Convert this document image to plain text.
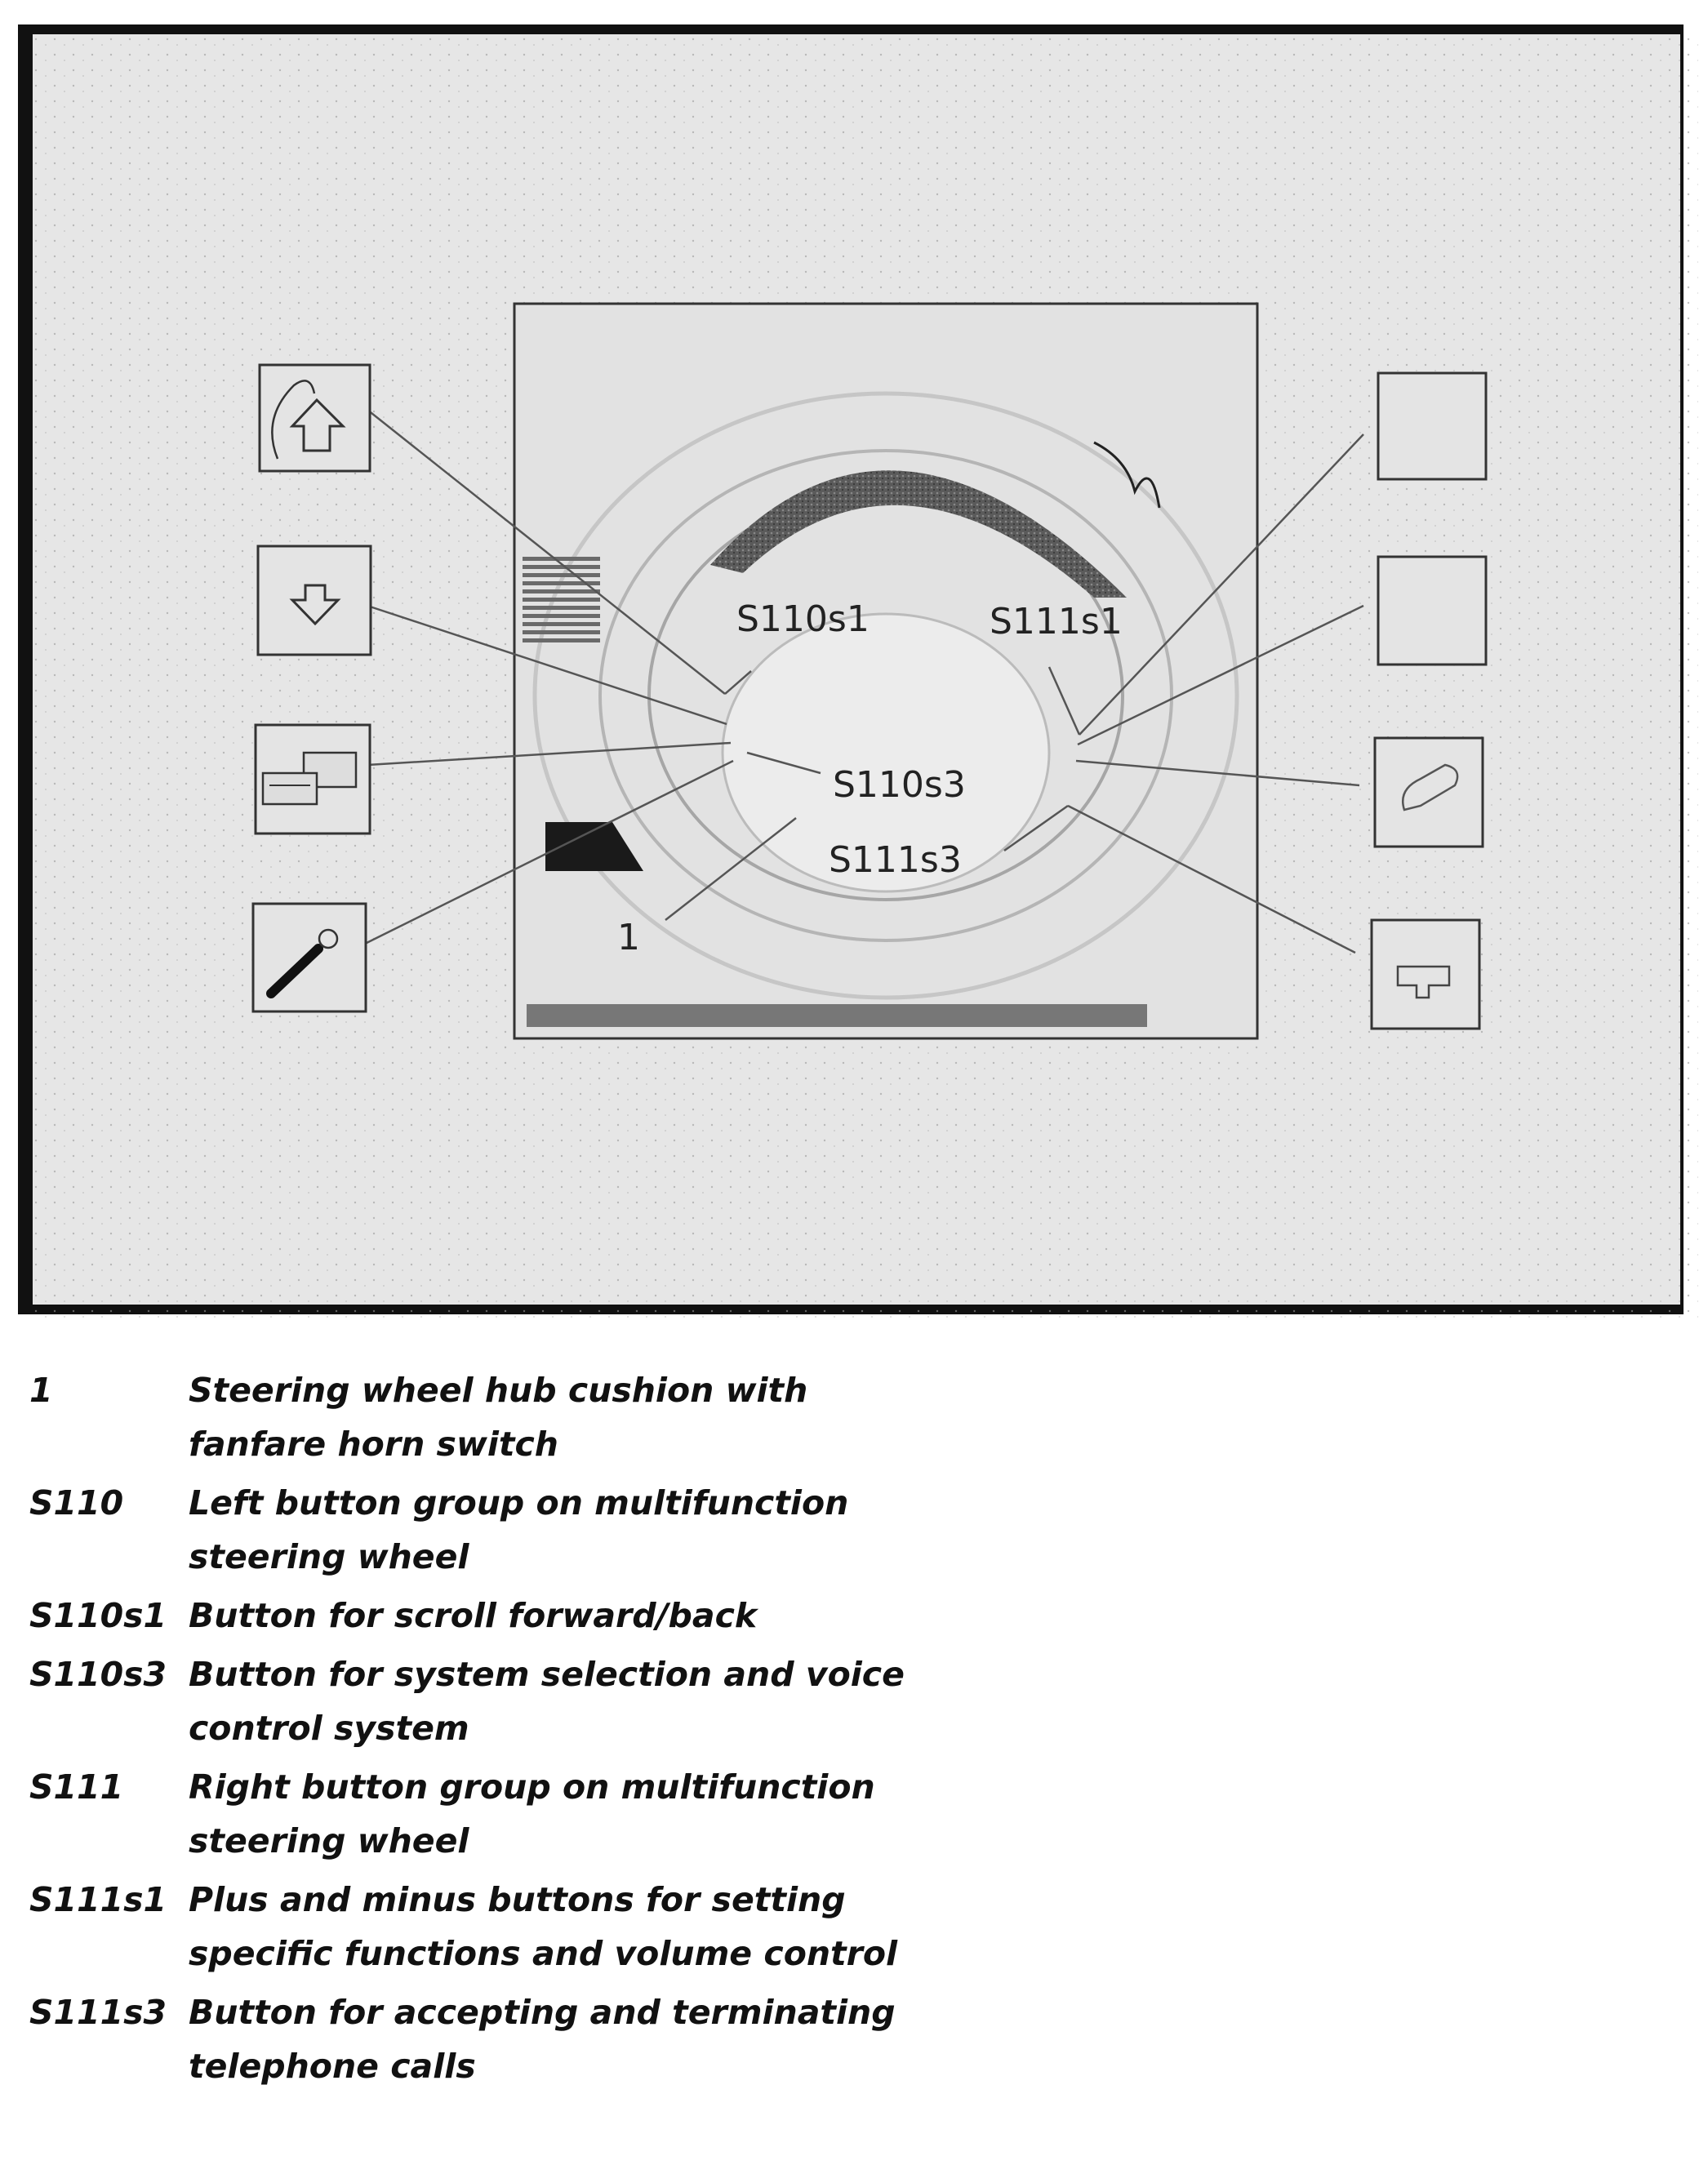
S110s1	S111s1
S110s3
S111s3
1
1	Steering wheel hub cushion with fanfare horn switch
S110	Left button group on multifunction steering wheel
S110s1 Button for scroll forward/back
S110s3 Button for system selection and voice control system
S111	Right button group on multifunction steering wheel
S111s1 Plus and minus buttons for setting specific functions and volume control
S111s3 Button for accepting and terminating telephone calls
